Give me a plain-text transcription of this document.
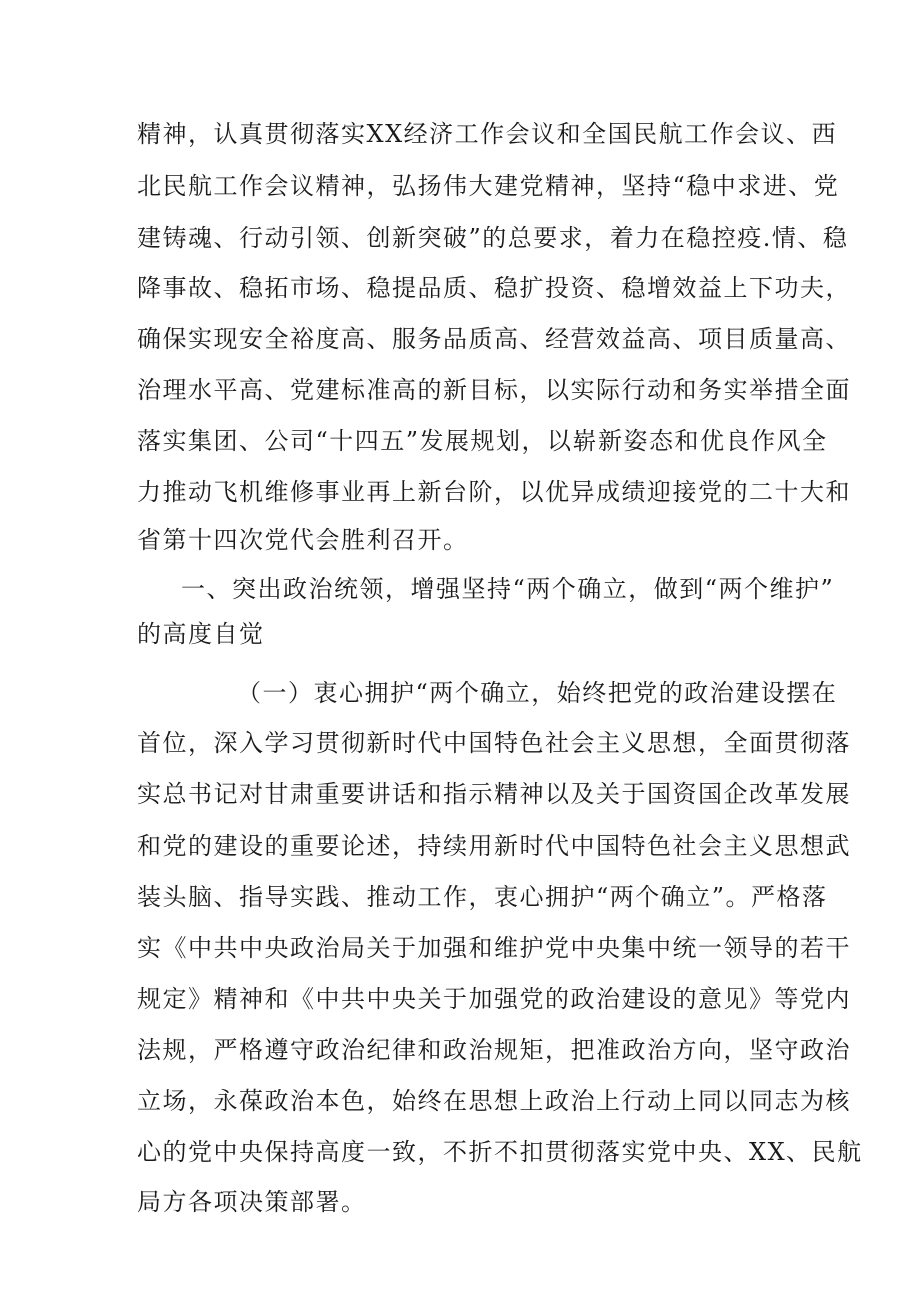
精神，认真贯彻落实XX经济工作会议和全国民航工作会议、西
北民航工作会议精神，弘扬伟大建党精神，坚持“稳中求进、党
建铸魂、行动引领、创新突破”的总要求，着力在稳控疫.情、稳
降事故、稳拓市场、稳提品质、稳扩投资、稳增效益上下功夫，
确保实现安全裕度高、服务品质高、经营效益高、项目质量高、
治理水平高、党建标准高的新目标，以实际行动和务实举措全面
落实集团、公司“十四五”发展规划，以崭新姿态和优良作风全
力推动飞机维修事业再上新台阶，以优异成绩迎接党的二十大和
省第十四次党代会胜利召开。
一、突出政治统领，增强坚持“两个确立，做到“两个维护”
的高度自觉
（一）衷心拥护“两个确立，始终把党的政治建设摆在
首位，深入学习贯彻新时代中国特色社会主义思想，全面贯彻落
实总书记对甘肃重要讲话和指示精神以及关于国资国企改革发展
和党的建设的重要论述，持续用新时代中国特色社会主义思想武
装头脑、指导实践、推动工作，衷心拥护“两个确立”。严格落
实《中共中央政治局关于加强和维护党中央集中统一领导的若干
规定》精神和《中共中央关于加强党的政治建设的意见》等党内
法规，严格遵守政治纪律和政治规矩，把准政治方向，坚守政治
立场，永葆政治本色，始终在思想上政治上行动上同以同志为核
心的党中央保持高度一致，不折不扣贯彻落实党中央、XX、民航
局方各项决策部署。
